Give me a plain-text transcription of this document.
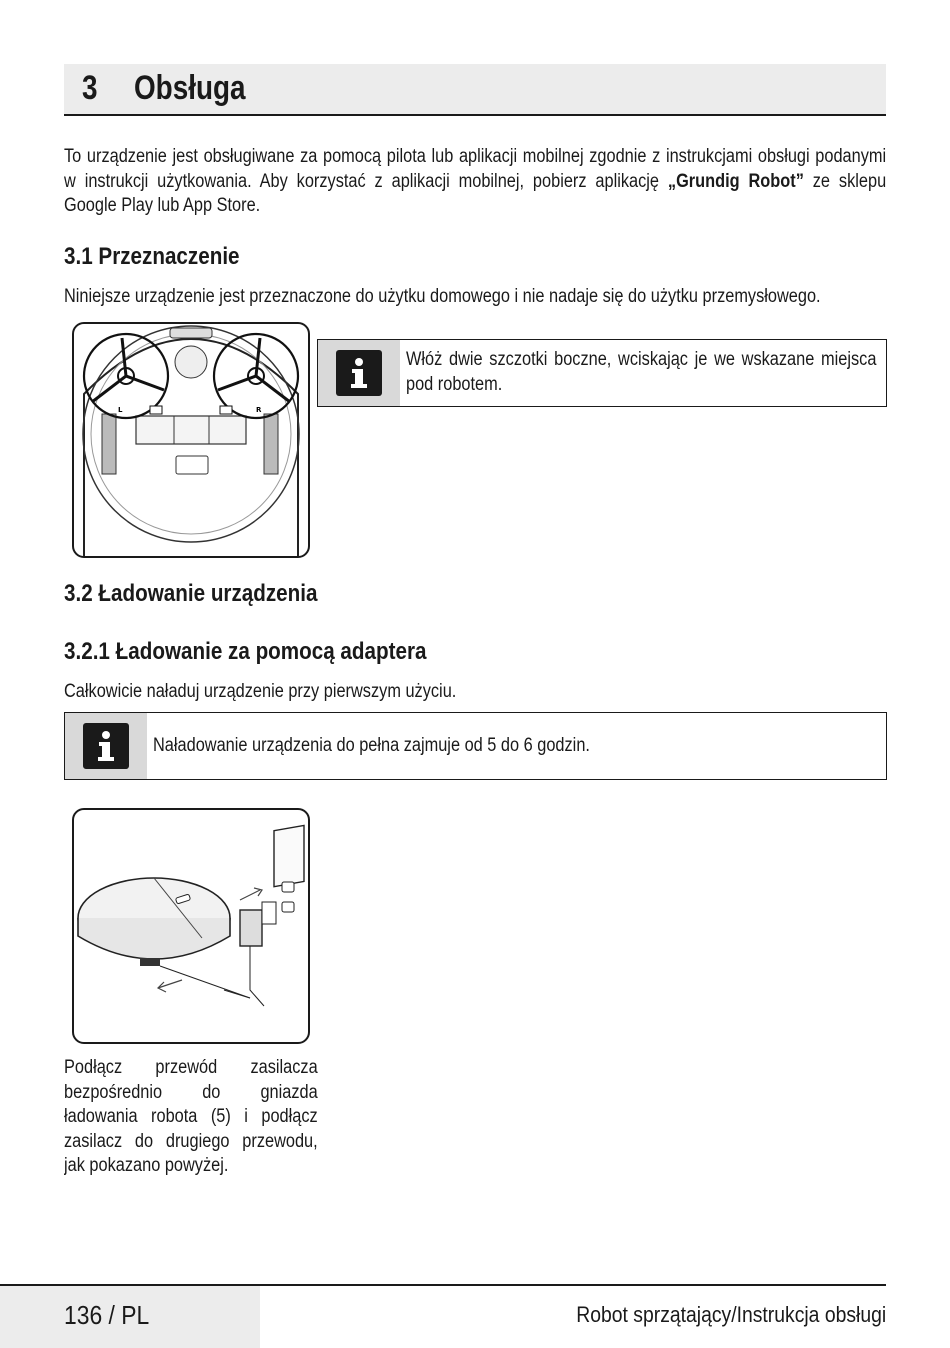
3 Obsługa
To urządzenie jest obsługiwane za pomocą pilota lub aplikacji mobilnej zgodnie z instrukcjami obsługi podanymi w instrukcji użytkowania. Aby korzystać z aplikacji mobilnej, pobierz aplikację „Grundig Robot” ze sklepu Google Play lub App Store.
3.1 Przeznaczenie
Niniejsze urządzenie jest przeznaczone do użytku domowego i nie nadaje się do użytku przemysłowego.
L	R
Włóż dwie szczotki boczne, wciskając je we wskazane miejsca pod robotem.
3.2 Ładowanie urządzenia
3.2.1 Ładowanie za pomocą adaptera
Całkowicie naładuj urządzenie przy pierwszym użyciu.
Naładowanie urządzenia do pełna zajmuje od 5 do 6 godzin.
Podłącz przewód zasilacza bezpośrednio do gniazda ładowania robota (5) i podłącz zasilacz do drugiego przewodu, jak pokazano powyżej.
136 / PL	Robot sprzątający/Instrukcja obsługi
